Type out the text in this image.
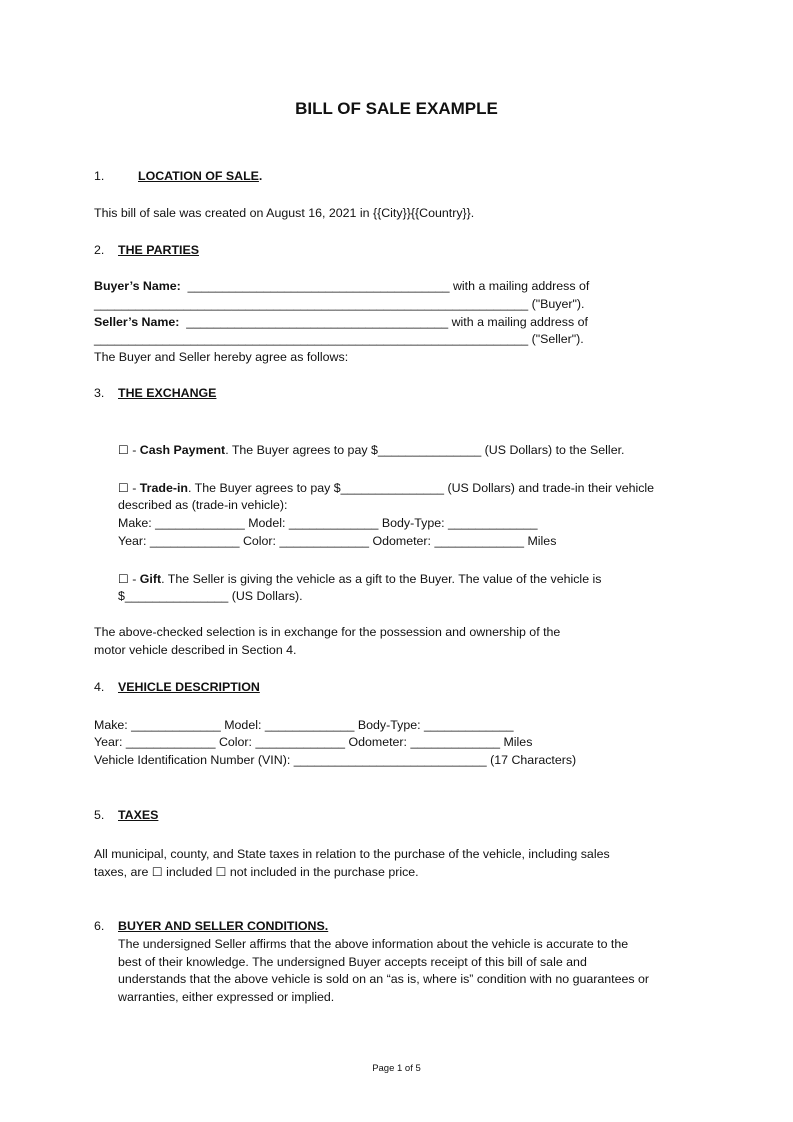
BILL OF SALE EXAMPLE
1.	LOCATION OF SALE.
This bill of sale was created on August 16, 2021 in {{City}}{{Country}}.
2. THE PARTIES
Buyer’s Name: ______________________________________ with a mailing address of
_______________________________________________________________ ("Buyer").
Seller’s Name: ______________________________________ with a mailing address of
_______________________________________________________________ ("Seller").
The Buyer and Seller hereby agree as follows:
3. THE EXCHANGE
☐ - Cash Payment. The Buyer agrees to pay $_______________ (US Dollars) to the Seller.
☐ - Trade-in. The Buyer agrees to pay $_______________ (US Dollars) and trade-in their vehicle
described as (trade-in vehicle):
Make: _____________ Model: _____________ Body-Type: _____________
Year: _____________ Color: _____________ Odometer: _____________ Miles
☐ - Gift. The Seller is giving the vehicle as a gift to the Buyer. The value of the vehicle is
$_______________ (US Dollars).
The above-checked selection is in exchange for the possession and ownership of the
motor vehicle described in Section 4.
4. VEHICLE DESCRIPTION
Make: _____________ Model: _____________ Body-Type: _____________
Year: _____________ Color: _____________ Odometer: _____________ Miles
Vehicle Identification Number (VIN): ____________________________ (17 Characters)
5. TAXES
All municipal, county, and State taxes in relation to the purchase of the vehicle, including sales
taxes, are ☐ included ☐ not included in the purchase price.
6. BUYER AND SELLER CONDITIONS.
The undersigned Seller affirms that the above information about the vehicle is accurate to the
best of their knowledge. The undersigned Buyer accepts receipt of this bill of sale and
understands that the above vehicle is sold on an “as is, where is” condition with no guarantees or
warranties, either expressed or implied.
Page 1 of 5
